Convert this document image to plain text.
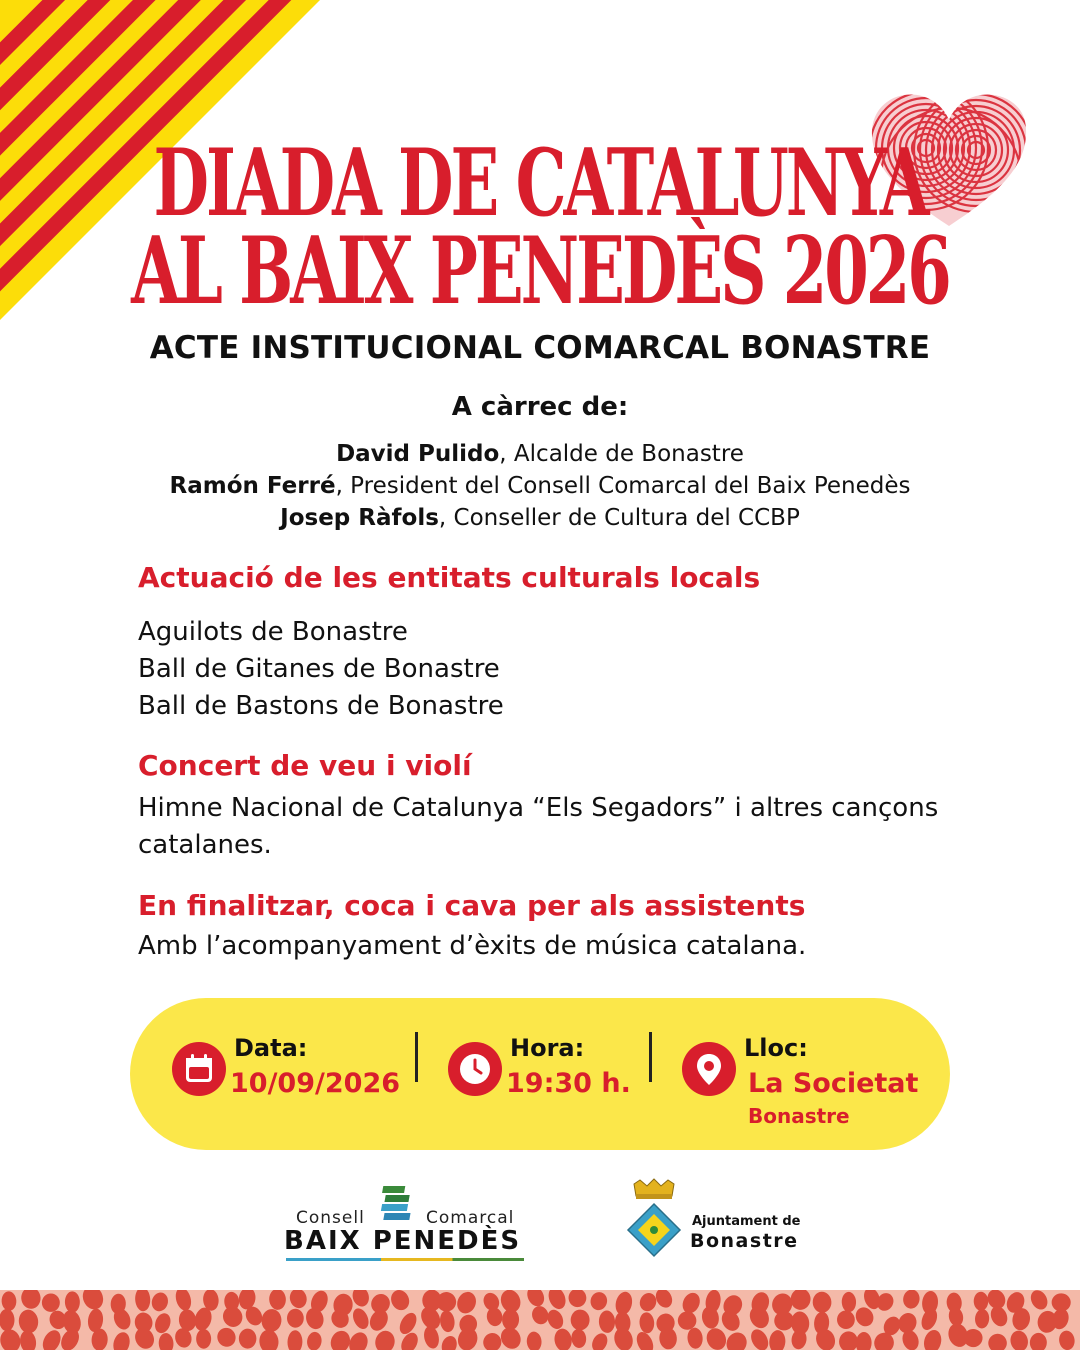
DIADA DE CATALUNYA
AL BAIX PENEDÈS 2026
ACTE INSTITUCIONAL COMARCAL BONASTRE
A càrrec de:
David Pulido, Alcalde de Bonastre
Ramón Ferré, President del Consell Comarcal del Baix Penedès
Josep Ràfols, Conseller de Cultura del CCBP
Actuació de les entitats culturals locals
Aguilots de Bonastre
Ball de Gitanes de Bonastre
Ball de Bastons de Bonastre
Concert de veu i violí
Himne Nacional de Catalunya “Els Segadors” i altres cançons catalanes.
En finalitzar, coca i cava per als assistents
Amb l’acompanyament d’èxits de música catalana.
Data:
10/09/2026
Hora:
19:30 h.
Lloc:
La Societat
Bonastre
Consell	Comarcal
BAIX PENEDÈS
Ajuntament de
Bonastre
